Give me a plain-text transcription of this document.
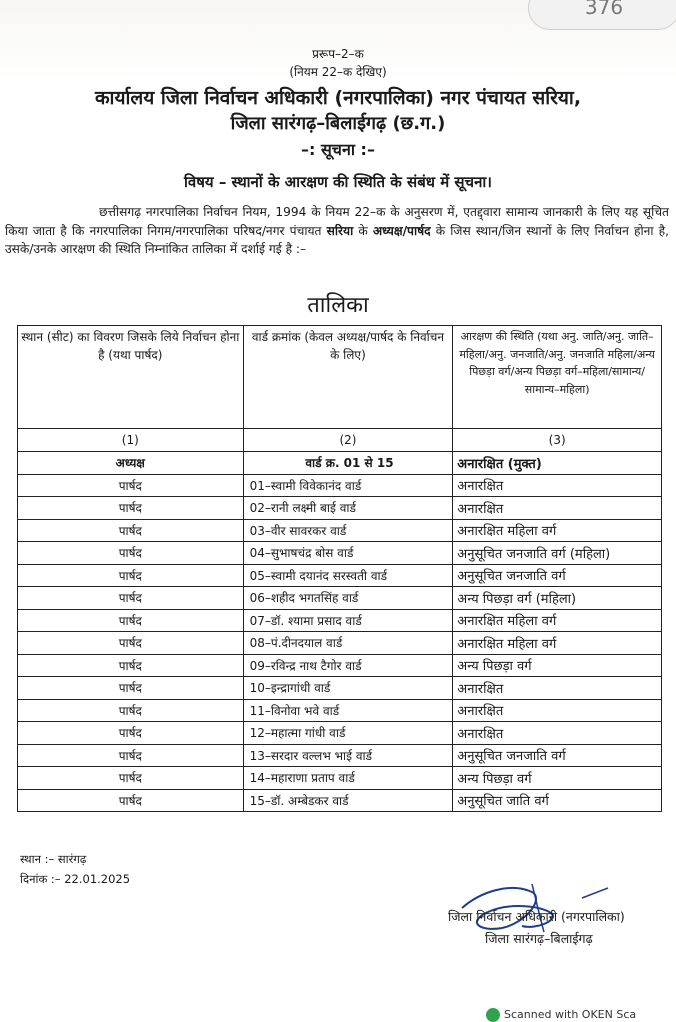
376
प्ररूप–2–क
(नियम 22–क देखिए)
कार्यालय जिला निर्वाचन अधिकारी (नगरपालिका) नगर पंचायत सरिया,
जिला सारंगढ़–बिलाईगढ़ (छ.ग.)
–: सूचना :–
विषय – स्थानों के आरक्षण की स्थिति के संबंध में सूचना।
छत्तीसगढ़ नगरपालिका निर्वाचन नियम, 1994 के नियम 22–क के अनुसरण में, एतद्द्वारा सामान्य जानकारी के लिए यह सूचित किया जाता है कि नगरपालिका निगम/नगरपालिका परिषद/नगर पंचायत सरिया के अध्यक्ष/पार्षद के जिस स्थान/जिन स्थानों के लिए निर्वाचन होना है, उसके/उनके आरक्षण की स्थिति निम्नांकित तालिका में दर्शाई गई है :–
तालिका
स्थान (सीट) का विवरण जिसके लिये निर्वाचन होना है (यथा पार्षद)	वार्ड क्रमांक (केवल अध्यक्ष/पार्षद के निर्वाचन के लिए)	आरक्षण की स्थिति (यथा अनु. जाति/अनु. जाति–महिला/अनु. जनजाति/अनु. जनजाति महिला/अन्य पिछड़ा वर्ग/अन्य पिछड़ा वर्ग–महिला/सामान्य/सामान्य–महिला)
(1)	(2)	(3)
अध्यक्ष	वार्ड क्र. 01 से 15	अनारक्षित (मुक्त)
पार्षद	01–स्वामी विवेकानंद वार्ड	अनारक्षित
पार्षद	02–रानी लक्ष्मी बाई वार्ड	अनारक्षित
पार्षद	03–वीर सावरकर वार्ड	अनारक्षित महिला वर्ग
पार्षद	04–सुभाषचंद्र बोस वार्ड	अनुसूचित जनजाति वर्ग (महिला)
पार्षद	05–स्वामी दयानंद सरस्वती वार्ड	अनुसूचित जनजाति वर्ग
पार्षद	06–शहीद भगतसिंह वार्ड	अन्य पिछड़ा वर्ग (महिला)
पार्षद	07–डॉ. श्यामा प्रसाद वार्ड	अनारक्षित महिला वर्ग
पार्षद	08–पं.दीनदयाल वार्ड	अनारक्षित महिला वर्ग
पार्षद	09–रविन्द्र नाथ टैगोर वार्ड	अन्य पिछड़ा वर्ग
पार्षद	10–इन्द्रागांधी वार्ड	अनारक्षित
पार्षद	11–विनोवा भवे वार्ड	अनारक्षित
पार्षद	12–महात्मा गांधी वार्ड	अनारक्षित
पार्षद	13–सरदार वल्लभ भाई वार्ड	अनुसूचित जनजाति वर्ग
पार्षद	14–महाराणा प्रताप वार्ड	अन्य पिछड़ा वर्ग
पार्षद	15–डॉ. अम्बेडकर वार्ड	अनुसूचित जाति वर्ग
स्थान :– सारंगढ़
दिनांक :– 22.01.2025
जिला निर्वाचन अधिकारी (नगरपालिका)
जिला सारंगढ़–बिलाईगढ़
Scanned with OKEN Sca
